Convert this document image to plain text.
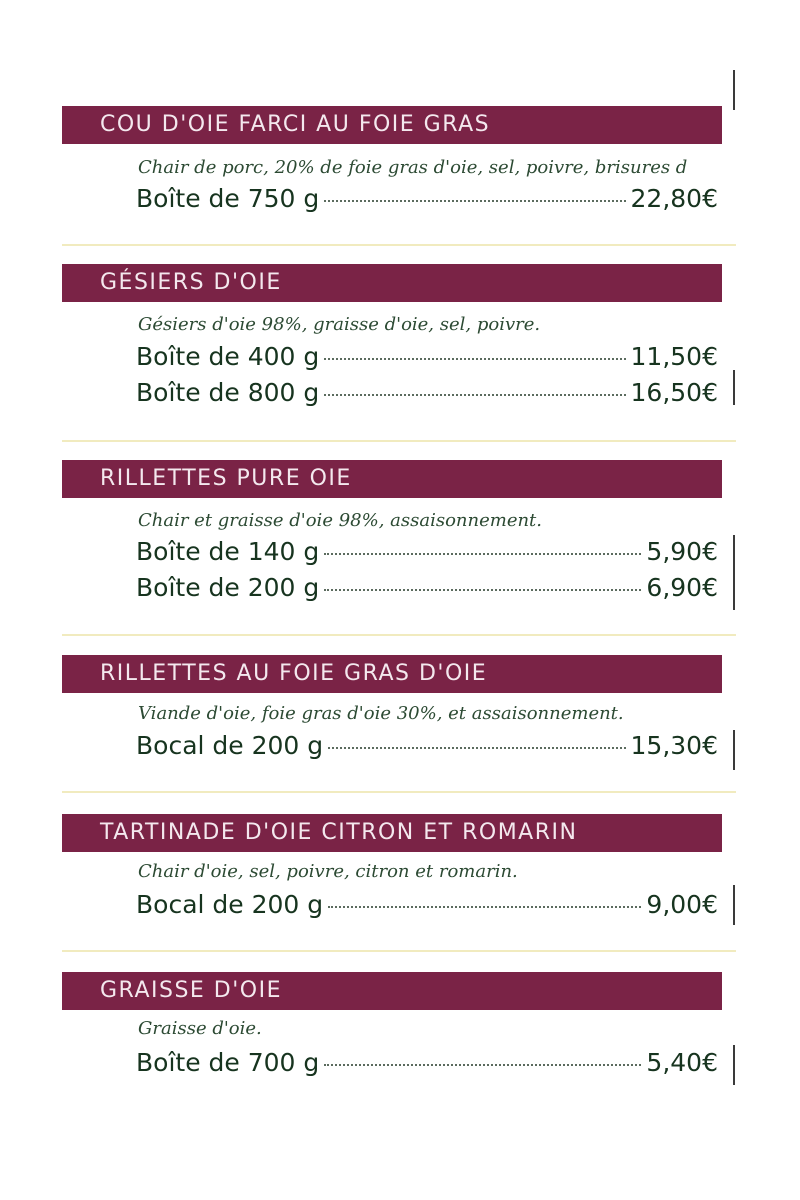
COU D'OIE FARCI AU FOIE GRAS
Chair de porc, 20% de foie gras d'oie, sel, poivre, brisures d
Boîte de 750 g	22,80€
GÉSIERS D'OIE
Gésiers d'oie 98%, graisse d'oie, sel, poivre.
Boîte de 400 g	11,50€
Boîte de 800 g	16,50€
RILLETTES PURE OIE
Chair et graisse d'oie 98%, assaisonnement.
Boîte de 140 g	5,90€
Boîte de 200 g	6,90€
RILLETTES AU FOIE GRAS D'OIE
Viande d'oie, foie gras d'oie 30%, et assaisonnement.
Bocal de 200 g	15,30€
TARTINADE D'OIE CITRON ET ROMARIN
Chair d'oie, sel, poivre, citron et romarin.
Bocal de 200 g	9,00€
GRAISSE D'OIE
Graisse d'oie.
Boîte de 700 g	5,40€
